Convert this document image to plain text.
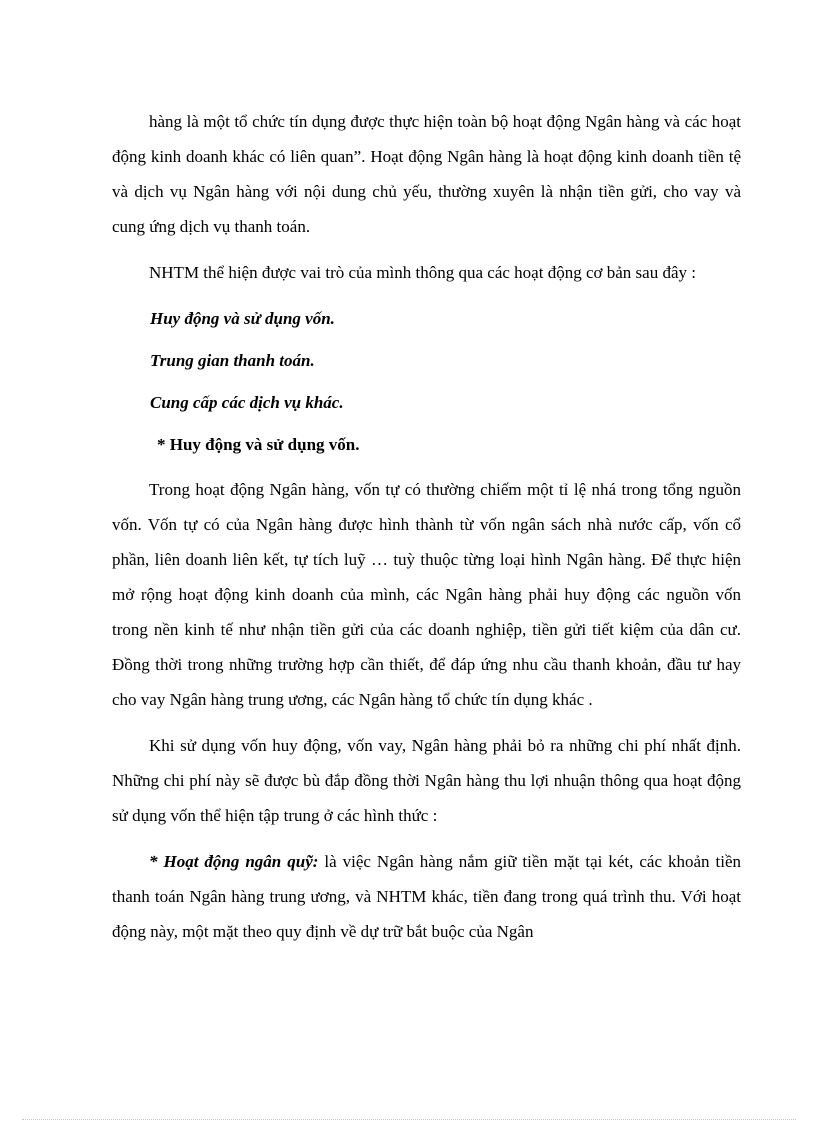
hàng là một tổ chức tín dụng được thực hiện toàn bộ hoạt động Ngân hàng và các hoạt động kinh doanh khác có liên quan”. Hoạt động Ngân hàng là hoạt động kinh doanh tiền tệ và dịch vụ Ngân hàng với nội dung chủ yếu, thường xuyên là nhận tiền gửi, cho vay và cung ứng dịch vụ thanh toán.

NHTM thể hiện được vai trò của mình thông qua các hoạt động cơ bản sau đây :

Huy động và sử dụng vốn.
Trung gian thanh toán.
Cung cấp các dịch vụ khác.
* Huy động và sử dụng vốn.

Trong hoạt động Ngân hàng, vốn tự có thường chiếm một tỉ lệ nhá trong tổng nguồn vốn. Vốn tự có của Ngân hàng được hình thành từ vốn ngân sách nhà nước cấp, vốn cổ phần, liên doanh liên kết, tự tích luỹ … tuỳ thuộc từng loại hình Ngân hàng. Để thực hiện mở rộng hoạt động kinh doanh của mình, các Ngân hàng phải huy động các nguồn vốn trong nền kinh tế như nhận tiền gửi của các doanh nghiệp, tiền gửi tiết kiệm của dân cư. Đồng thời trong những trường hợp cần thiết, để đáp ứng nhu cầu thanh khoản, đầu tư hay cho vay Ngân hàng trung ương, các Ngân hàng tổ chức tín dụng khác .

Khi sử dụng vốn huy động, vốn vay, Ngân hàng phải bỏ ra những chi phí nhất định. Những chi phí này sẽ được bù đắp đồng thời Ngân hàng thu lợi nhuận thông qua hoạt động sử dụng vốn thể hiện tập trung ở các hình thức :

* Hoạt động ngân quỹ: là việc Ngân hàng nắm giữ tiền mặt tại két, các khoản tiền thanh toán Ngân hàng trung ương, và NHTM khác, tiền đang trong quá trình thu. Với hoạt động này, một mặt theo quy định về dự trữ bắt buộc của Ngân
